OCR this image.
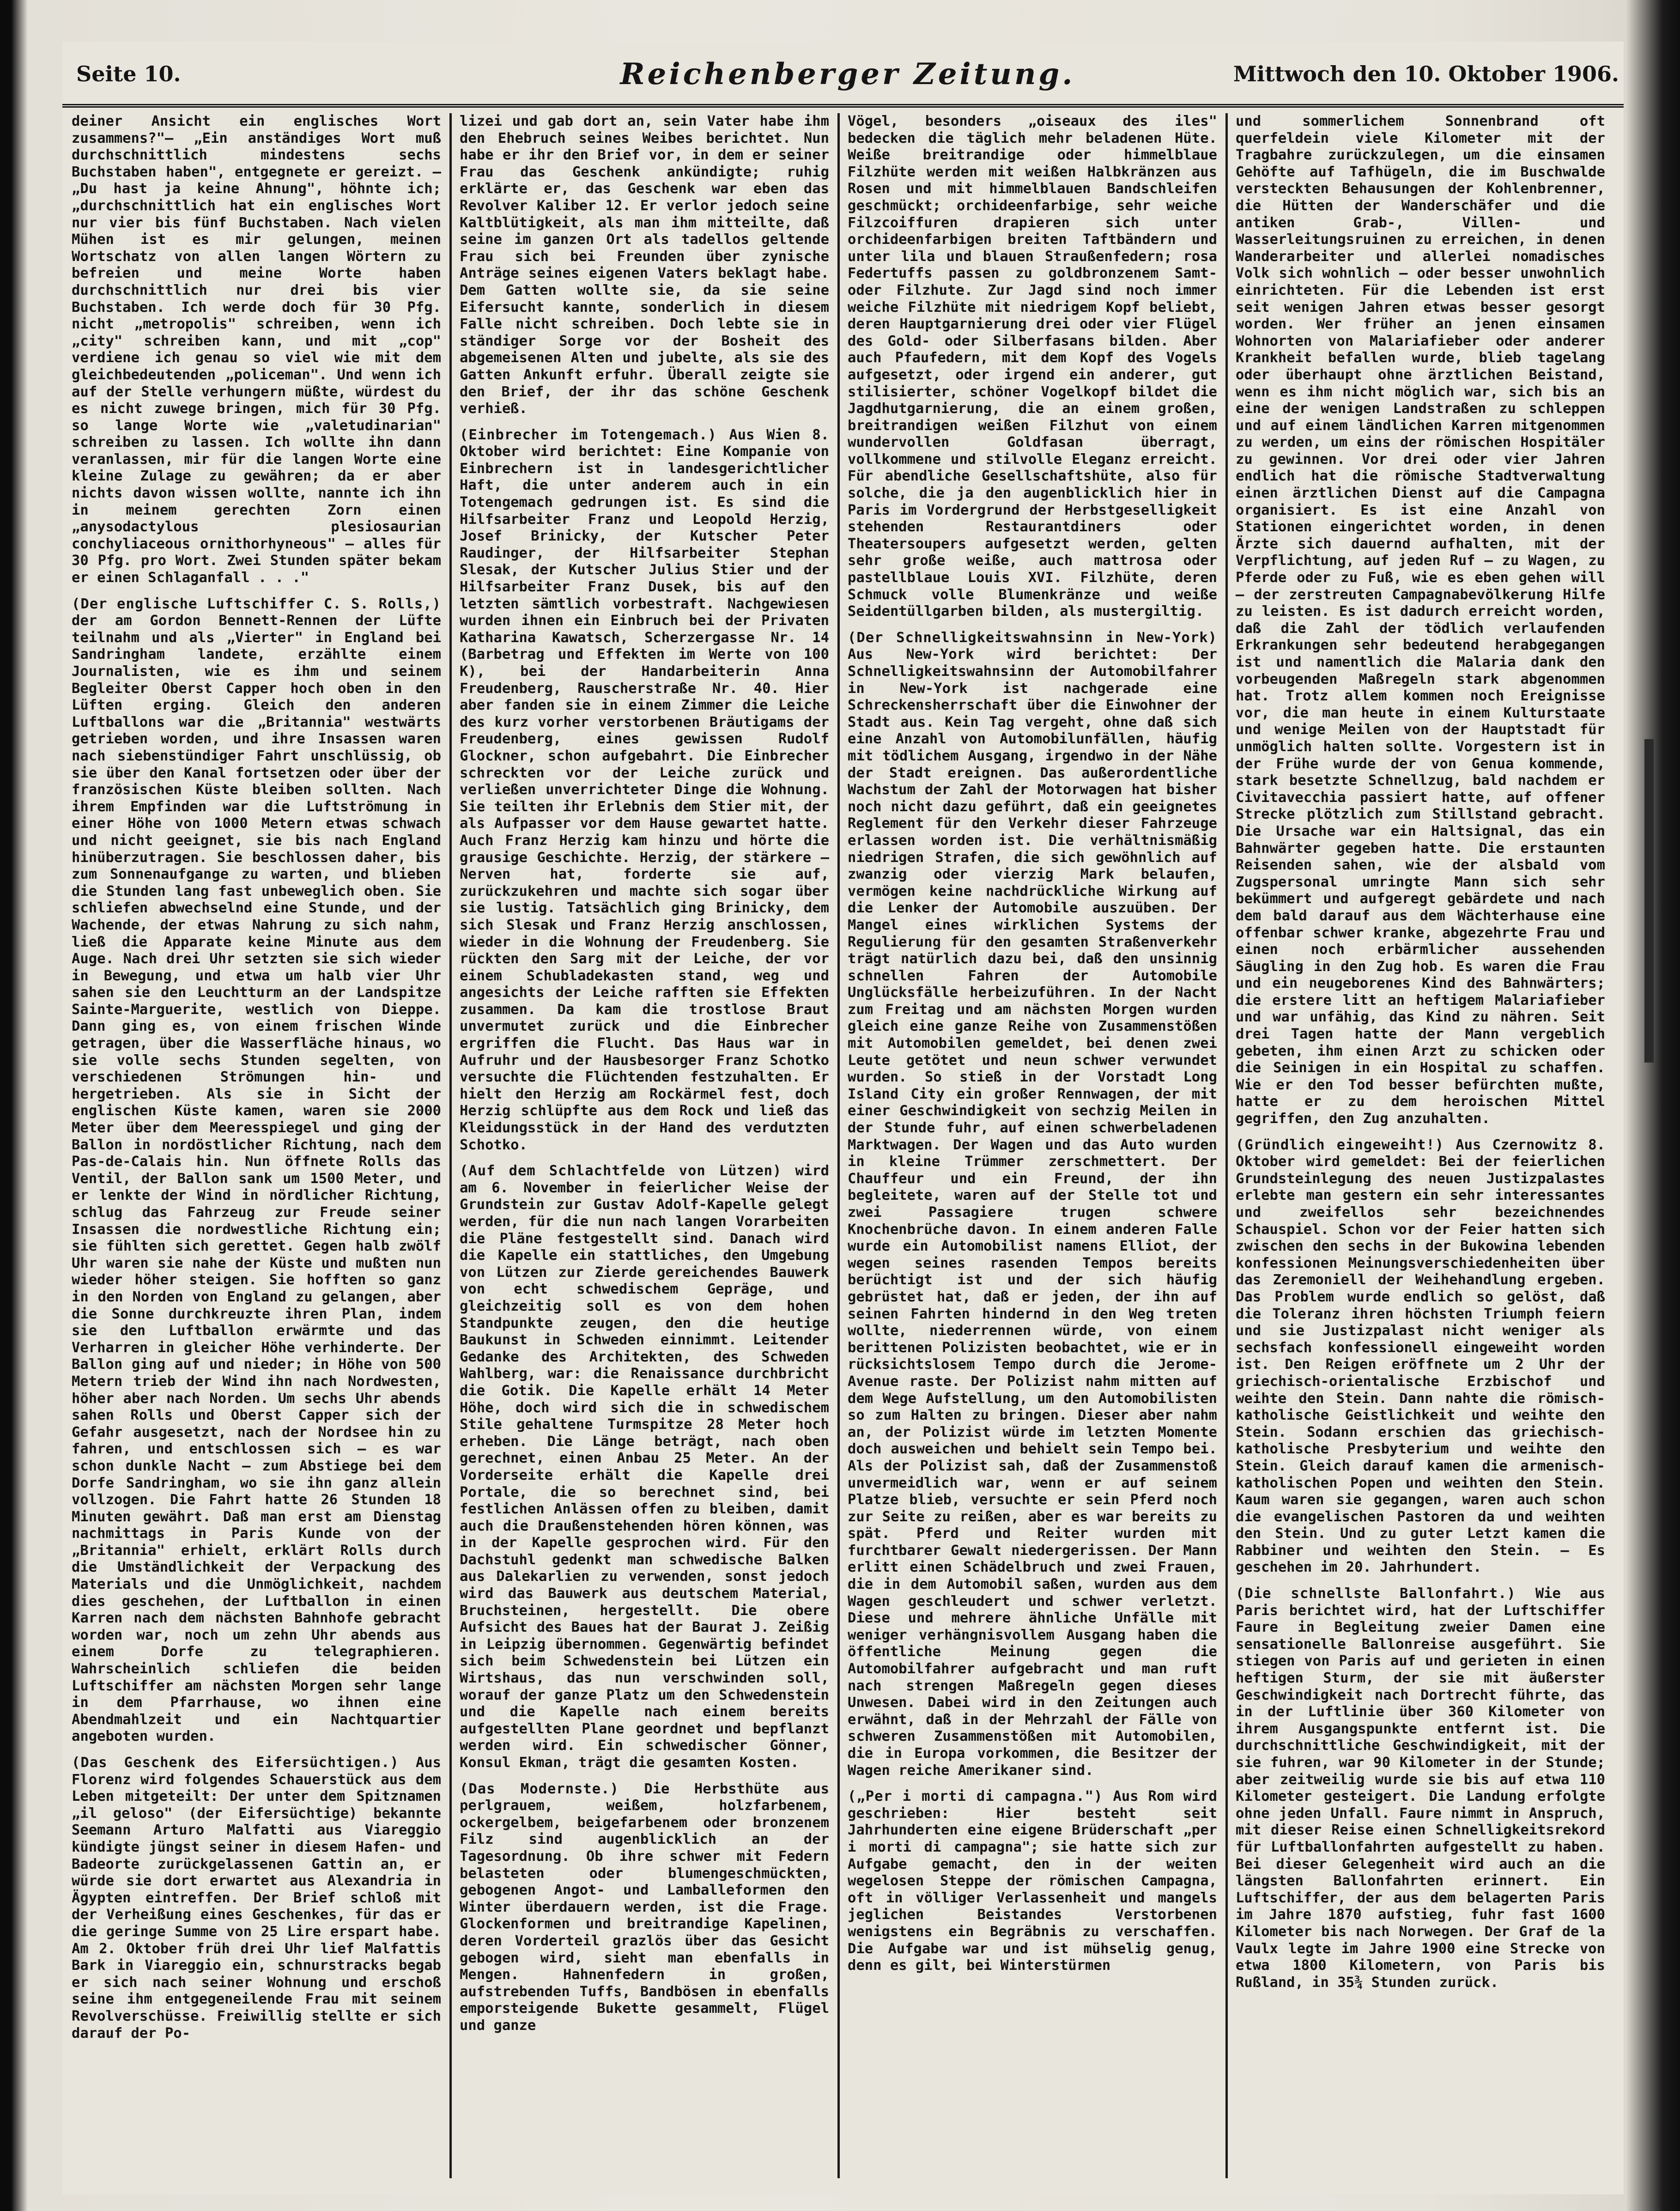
Seite 10.	Reichenberger Zeitung.	Mittwoch den 10. Oktober 1906.

deiner Ansicht ein englisches Wort zusammens?"— „Ein anständiges Wort muß durchschnittlich mindestens sechs Buchstaben haben", entgegnete er gereizt. — „Du hast ja keine Ahnung", höhnte ich; „durchschnittlich hat ein englisches Wort nur vier bis fünf Buchstaben. Nach vielen Mühen ist es mir gelungen, meinen Wortschatz von allen langen Wörtern zu befreien und meine Worte haben durchschnittlich nur drei bis vier Buchstaben. Ich werde doch für 30 Pfg. nicht „metropolis" schreiben, wenn ich „city" schreiben kann, und mit „cop" verdiene ich genau so viel wie mit dem gleichbedeutenden „policeman". Und wenn ich auf der Stelle verhungern müßte, würdest du es nicht zuwege bringen, mich für 30 Pfg. so lange Worte wie „valetudinarian" schreiben zu lassen. Ich wollte ihn dann veranlassen, mir für die langen Worte eine kleine Zulage zu gewähren; da er aber nichts davon wissen wollte, nannte ich ihn in meinem gerechten Zorn einen „anysodactylous plesiosaurian conchyliaceous ornithorhyneous" — alles für 30 Pfg. pro Wort. Zwei Stunden später bekam er einen Schlaganfall . . ."

(Der englische Luftschiffer C. S. Rolls,) der am Gordon Bennett-Rennen der Lüfte teilnahm und als „Vierter" in England bei Sandringham landete, erzählte einem Journalisten, wie es ihm und seinem Begleiter Oberst Capper hoch oben in den Lüften erging. Gleich den anderen Luftballons war die „Britannia" westwärts getrieben worden, und ihre Insassen waren nach siebenstündiger Fahrt unschlüssig, ob sie über den Kanal fortsetzen oder über der französischen Küste bleiben sollten. Nach ihrem Empfinden war die Luftströmung in einer Höhe von 1000 Metern etwas schwach und nicht geeignet, sie bis nach England hinüberzutragen. Sie beschlossen daher, bis zum Sonnenaufgange zu warten, und blieben die Stunden lang fast unbeweglich oben. Sie schliefen abwechselnd eine Stunde, und der Wachende, der etwas Nahrung zu sich nahm, ließ die Apparate keine Minute aus dem Auge. Nach drei Uhr setzten sie sich wieder in Bewegung, und etwa um halb vier Uhr sahen sie den Leuchtturm an der Landspitze Sainte-Marguerite, westlich von Dieppe. Dann ging es, von einem frischen Winde getragen, über die Wasserfläche hinaus, wo sie volle sechs Stunden segelten, von verschiedenen Strömungen hin- und hergetrieben. Als sie in Sicht der englischen Küste kamen, waren sie 2000 Meter über dem Meeresspiegel und ging der Ballon in nordöstlicher Richtung, nach dem Pas-de-Calais hin. Nun öffnete Rolls das Ventil, der Ballon sank um 1500 Meter, und er lenkte der Wind in nördlicher Richtung, schlug das Fahrzeug zur Freude seiner Insassen die nordwestliche Richtung ein; sie fühlten sich gerettet. Gegen halb zwölf Uhr waren sie nahe der Küste und mußten nun wieder höher steigen. Sie hofften so ganz in den Norden von England zu gelangen, aber die Sonne durchkreuzte ihren Plan, indem sie den Luftballon erwärmte und das Verharren in gleicher Höhe verhinderte. Der Ballon ging auf und nieder; in Höhe von 500 Metern trieb der Wind ihn nach Nordwesten, höher aber nach Norden. Um sechs Uhr abends sahen Rolls und Oberst Capper sich der Gefahr ausgesetzt, nach der Nordsee hin zu fahren, und entschlossen sich — es war schon dunkle Nacht — zum Abstiege bei dem Dorfe Sandringham, wo sie ihn ganz allein vollzogen. Die Fahrt hatte 26 Stunden 18 Minuten gewährt. Daß man erst am Dienstag nachmittags in Paris Kunde von der „Britannia" erhielt, erklärt Rolls durch die Umständlichkeit der Verpackung des Materials und die Unmöglichkeit, nachdem dies geschehen, der Luftballon in einen Karren nach dem nächsten Bahnhofe gebracht worden war, noch um zehn Uhr abends aus einem Dorfe zu telegraphieren. Wahrscheinlich schliefen die beiden Luftschiffer am nächsten Morgen sehr lange in dem Pfarrhause, wo ihnen eine Abendmahlzeit und ein Nachtquartier angeboten wurden.

(Das Geschenk des Eifersüchtigen.) Aus Florenz wird folgendes Schauerstück aus dem Leben mitgeteilt: Der unter dem Spitznamen „il geloso" (der Eifersüchtige) bekannte Seemann Arturo Malfatti aus Viareggio kündigte jüngst seiner in diesem Hafen- und Badeorte zurückgelassenen Gattin an, er würde sie dort erwartet aus Alexandria in Ägypten eintreffen. Der Brief schloß mit der Verheißung eines Geschenkes, für das er die geringe Summe von 25 Lire erspart habe. Am 2. Oktober früh drei Uhr lief Malfattis Bark in Viareggio ein, schnurstracks begab er sich nach seiner Wohnung und erschoß seine ihm entgegeneilende Frau mit seinem Revolverschüsse. Freiwillig stellte er sich darauf der Po-

lizei und gab dort an, sein Vater habe ihm den Ehebruch seines Weibes berichtet. Nun habe er ihr den Brief vor, in dem er seiner Frau das Geschenk ankündigte; ruhig erklärte er, das Geschenk war eben das Revolver Kaliber 12. Er verlor jedoch seine Kaltblütigkeit, als man ihm mitteilte, daß seine im ganzen Ort als tadellos geltende Frau sich bei Freunden über zynische Anträge seines eigenen Vaters beklagt habe. Dem Gatten wollte sie, da sie seine Eifersucht kannte, sonderlich in diesem Falle nicht schreiben. Doch lebte sie in ständiger Sorge vor der Bosheit des abgemeisenen Alten und jubelte, als sie des Gatten Ankunft erfuhr. Überall zeigte sie den Brief, der ihr das schöne Geschenk verhieß.

(Einbrecher im Totengemach.) Aus Wien 8. Oktober wird berichtet: Eine Kompanie von Einbrechern ist in landesgerichtlicher Haft, die unter anderem auch in ein Totengemach gedrungen ist. Es sind die Hilfsarbeiter Franz und Leopold Herzig, Josef Brinicky, der Kutscher Peter Raudinger, der Hilfsarbeiter Stephan Slesak, der Kutscher Julius Stier und der Hilfsarbeiter Franz Dusek, bis auf den letzten sämtlich vorbestraft. Nachgewiesen wurden ihnen ein Einbruch bei der Privaten Katharina Kawatsch, Scherzergasse Nr. 14 (Barbetrag und Effekten im Werte von 100 K), bei der Handarbeiterin Anna Freudenberg, Rauscherstraße Nr. 40. Hier aber fanden sie in einem Zimmer die Leiche des kurz vorher verstorbenen Bräutigams der Freudenberg, eines gewissen Rudolf Glockner, schon aufgebahrt. Die Einbrecher schreckten vor der Leiche zurück und verließen unverrichteter Dinge die Wohnung. Sie teilten ihr Erlebnis dem Stier mit, der als Aufpasser vor dem Hause gewartet hatte. Auch Franz Herzig kam hinzu und hörte die grausige Geschichte. Herzig, der stärkere — Nerven hat, forderte sie auf, zurückzukehren und machte sich sogar über sie lustig. Tatsächlich ging Brinicky, dem sich Slesak und Franz Herzig anschlossen, wieder in die Wohnung der Freudenberg. Sie rückten den Sarg mit der Leiche, der vor einem Schubladekasten stand, weg und angesichts der Leiche rafften sie Effekten zusammen. Da kam die trostlose Braut unvermutet zurück und die Einbrecher ergriffen die Flucht. Das Haus war in Aufruhr und der Hausbesorger Franz Schotko versuchte die Flüchtenden festzuhalten. Er hielt den Herzig am Rockärmel fest, doch Herzig schlüpfte aus dem Rock und ließ das Kleidungsstück in der Hand des verdutzten Schotko.

(Auf dem Schlachtfelde von Lützen) wird am 6. November in feierlicher Weise der Grundstein zur Gustav Adolf-Kapelle gelegt werden, für die nun nach langen Vorarbeiten die Pläne festgestellt sind. Danach wird die Kapelle ein stattliches, den Umgebung von Lützen zur Zierde gereichendes Bauwerk von echt schwedischem Gepräge, und gleichzeitig soll es von dem hohen Standpunkte zeugen, den die heutige Baukunst in Schweden einnimmt. Leitender Gedanke des Architekten, des Schweden Wahlberg, war: die Renaissance durchbricht die Gotik. Die Kapelle erhält 14 Meter Höhe, doch wird sich die in schwedischem Stile gehaltene Turmspitze 28 Meter hoch erheben. Die Länge beträgt, nach oben gerechnet, einen Anbau 25 Meter. An der Vorderseite erhält die Kapelle drei Portale, die so berechnet sind, bei festlichen Anlässen offen zu bleiben, damit auch die Draußenstehenden hören können, was in der Kapelle gesprochen wird. Für den Dachstuhl gedenkt man schwedische Balken aus Dalekarlien zu verwenden, sonst jedoch wird das Bauwerk aus deutschem Material, Bruchsteinen, hergestellt. Die obere Aufsicht des Baues hat der Baurat J. Zeißig in Leipzig übernommen. Gegenwärtig befindet sich beim Schwedenstein bei Lützen ein Wirtshaus, das nun verschwinden soll, worauf der ganze Platz um den Schwedenstein und die Kapelle nach einem bereits aufgestellten Plane geordnet und bepflanzt werden wird. Ein schwedischer Gönner, Konsul Ekman, trägt die gesamten Kosten.

(Das Modernste.) Die Herbsthüte aus perlgrauem, weißem, holzfarbenem, ockergelbem, beigefarbenem oder bronzenem Filz sind augenblicklich an der Tagesordnung. Ob ihre schwer mit Federn belasteten oder blumengeschmückten, gebogenen Angot- und Lamballeformen den Winter überdauern werden, ist die Frage. Glockenformen und breitrandige Kapelinen, deren Vorderteil grazlös über das Gesicht gebogen wird, sieht man ebenfalls in Mengen. Hahnenfedern in großen, aufstrebenden Tuffs, Bandbösen in ebenfalls emporsteigende Bukette gesammelt, Flügel und ganze

Vögel, besonders „oiseaux des iles" bedecken die täglich mehr beladenen Hüte. Weiße breitrandige oder himmelblaue Filzhüte werden mit weißen Halbkränzen aus Rosen und mit himmelblauen Bandschleifen geschmückt; orchideenfarbige, sehr weiche Filzcoiffuren drapieren sich unter orchideenfarbigen breiten Taftbändern und unter lila und blauen Straußenfedern; rosa Federtuffs passen zu goldbronzenem Samt- oder Filzhute. Zur Jagd sind noch immer weiche Filzhüte mit niedrigem Kopf beliebt, deren Hauptgarnierung drei oder vier Flügel des Gold- oder Silberfasans bilden. Aber auch Pfaufedern, mit dem Kopf des Vogels aufgesetzt, oder irgend ein anderer, gut stilisierter, schöner Vogelkopf bildet die Jagdhutgarnierung, die an einem großen, breitrandigen weißen Filzhut von einem wundervollen Goldfasan überragt, vollkommene und stilvolle Eleganz erreicht. Für abendliche Gesellschaftshüte, also für solche, die ja den augenblicklich hier in Paris im Vordergrund der Herbstgeselligkeit stehenden Restaurantdiners oder Theatersoupers aufgesetzt werden, gelten sehr große weiße, auch mattrosa oder pastellblaue Louis XVI. Filzhüte, deren Schmuck volle Blumenkränze und weiße Seidentüllgarben bilden, als mustergiltig.

(Der Schnelligkeitswahnsinn in New-York) Aus New-York wird berichtet: Der Schnelligkeitswahnsinn der Automobilfahrer in New-York ist nachgerade eine Schreckensherrschaft über die Einwohner der Stadt aus. Kein Tag vergeht, ohne daß sich eine Anzahl von Automobilunfällen, häufig mit tödlichem Ausgang, irgendwo in der Nähe der Stadt ereignen. Das außerordentliche Wachstum der Zahl der Motorwagen hat bisher noch nicht dazu geführt, daß ein geeignetes Reglement für den Verkehr dieser Fahrzeuge erlassen worden ist. Die verhältnismäßig niedrigen Strafen, die sich gewöhnlich auf zwanzig oder vierzig Mark belaufen, vermögen keine nachdrückliche Wirkung auf die Lenker der Automobile auszuüben. Der Mangel eines wirklichen Systems der Regulierung für den gesamten Straßenverkehr trägt natürlich dazu bei, daß den unsinnig schnellen Fahren der Automobile Unglücksfälle herbeizuführen. In der Nacht zum Freitag und am nächsten Morgen wurden gleich eine ganze Reihe von Zusammenstößen mit Automobilen gemeldet, bei denen zwei Leute getötet und neun schwer verwundet wurden. So stieß in der Vorstadt Long Island City ein großer Rennwagen, der mit einer Geschwindigkeit von sechzig Meilen in der Stunde fuhr, auf einen schwerbeladenen Marktwagen. Der Wagen und das Auto wurden in kleine Trümmer zerschmettert. Der Chauffeur und ein Freund, der ihn begleitete, waren auf der Stelle tot und zwei Passagiere trugen schwere Knochenbrüche davon. In einem anderen Falle wurde ein Automobilist namens Elliot, der wegen seines rasenden Tempos bereits berüchtigt ist und der sich häufig gebrüstet hat, daß er jeden, der ihn auf seinen Fahrten hindernd in den Weg treten wollte, niederrennen würde, von einem berittenen Polizisten beobachtet, wie er in rücksichtslosem Tempo durch die Jerome-Avenue raste. Der Polizist nahm mitten auf dem Wege Aufstellung, um den Automobilisten so zum Halten zu bringen. Dieser aber nahm an, der Polizist würde im letzten Momente doch ausweichen und behielt sein Tempo bei. Als der Polizist sah, daß der Zusammenstoß unvermeidlich war, wenn er auf seinem Platze blieb, versuchte er sein Pferd noch zur Seite zu reißen, aber es war bereits zu spät. Pferd und Reiter wurden mit furchtbarer Gewalt niedergerissen. Der Mann erlitt einen Schädelbruch und zwei Frauen, die in dem Automobil saßen, wurden aus dem Wagen geschleudert und schwer verletzt. Diese und mehrere ähnliche Unfälle mit weniger verhängnisvollem Ausgang haben die öffentliche Meinung gegen die Automobilfahrer aufgebracht und man ruft nach strengen Maßregeln gegen dieses Unwesen. Dabei wird in den Zeitungen auch erwähnt, daß in der Mehrzahl der Fälle von schweren Zusammenstößen mit Automobilen, die in Europa vorkommen, die Besitzer der Wagen reiche Amerikaner sind.

(„Per i morti di campagna.") Aus Rom wird geschrieben: Hier besteht seit Jahrhunderten eine eigene Brüderschaft „per i morti di campagna"; sie hatte sich zur Aufgabe gemacht, den in der weiten wegelosen Steppe der römischen Campagna, oft in völliger Verlassenheit und mangels jeglichen Beistandes Verstorbenen wenigstens ein Begräbnis zu verschaffen. Die Aufgabe war und ist mühselig genug, denn es gilt, bei Winterstürmen

und sommerlichem Sonnenbrand oft querfeldein viele Kilometer mit der Tragbahre zurückzulegen, um die einsamen Gehöfte auf Tafhügeln, die im Buschwalde versteckten Behausungen der Kohlenbrenner, die Hütten der Wanderschäfer und die antiken Grab-, Villen- und Wasserleitungsruinen zu erreichen, in denen Wanderarbeiter und allerlei nomadisches Volk sich wohnlich — oder besser unwohnlich einrichteten. Für die Lebenden ist erst seit wenigen Jahren etwas besser gesorgt worden. Wer früher an jenen einsamen Wohnorten von Malariafieber oder anderer Krankheit befallen wurde, blieb tagelang oder überhaupt ohne ärztlichen Beistand, wenn es ihm nicht möglich war, sich bis an eine der wenigen Landstraßen zu schleppen und auf einem ländlichen Karren mitgenommen zu werden, um eins der römischen Hospitäler zu gewinnen. Vor drei oder vier Jahren endlich hat die römische Stadtverwaltung einen ärztlichen Dienst auf die Campagna organisiert. Es ist eine Anzahl von Stationen eingerichtet worden, in denen Ärzte sich dauernd aufhalten, mit der Verpflichtung, auf jeden Ruf — zu Wagen, zu Pferde oder zu Fuß, wie es eben gehen will — der zerstreuten Campagnabevölkerung Hilfe zu leisten. Es ist dadurch erreicht worden, daß die Zahl der tödlich verlaufenden Erkrankungen sehr bedeutend herabgegangen ist und namentlich die Malaria dank den vorbeugenden Maßregeln stark abgenommen hat. Trotz allem kommen noch Ereignisse vor, die man heute in einem Kulturstaate und wenige Meilen von der Hauptstadt für unmöglich halten sollte. Vorgestern ist in der Frühe wurde der von Genua kommende, stark besetzte Schnellzug, bald nachdem er Civitavecchia passiert hatte, auf offener Strecke plötzlich zum Stillstand gebracht. Die Ursache war ein Haltsignal, das ein Bahnwärter gegeben hatte. Die erstaunten Reisenden sahen, wie der alsbald vom Zugspersonal umringte Mann sich sehr bekümmert und aufgeregt gebärdete und nach dem bald darauf aus dem Wächterhause eine offenbar schwer kranke, abgezehrte Frau und einen noch erbärmlicher aussehenden Säugling in den Zug hob. Es waren die Frau und ein neugeborenes Kind des Bahnwärters; die erstere litt an heftigem Malariafieber und war unfähig, das Kind zu nähren. Seit drei Tagen hatte der Mann vergeblich gebeten, ihm einen Arzt zu schicken oder die Seinigen in ein Hospital zu schaffen. Wie er den Tod besser befürchten mußte, hatte er zu dem heroischen Mittel gegriffen, den Zug anzuhalten.

(Gründlich eingeweiht!) Aus Czernowitz 8. Oktober wird gemeldet: Bei der feierlichen Grundsteinlegung des neuen Justizpalastes erlebte man gestern ein sehr interessantes und zweifellos sehr bezeichnendes Schauspiel. Schon vor der Feier hatten sich zwischen den sechs in der Bukowina lebenden konfessionen Meinungsverschiedenheiten über das Zeremoniell der Weihehandlung ergeben. Das Problem wurde endlich so gelöst, daß die Toleranz ihren höchsten Triumph feiern und sie Justizpalast nicht weniger als sechsfach konfessionell eingeweiht worden ist. Den Reigen eröffnete um 2 Uhr der griechisch-orientalische Erzbischof und weihte den Stein. Dann nahte die römisch-katholische Geistlichkeit und weihte den Stein. Sodann erschien das griechisch-katholische Presbyterium und weihte den Stein. Gleich darauf kamen die armenisch-katholischen Popen und weihten den Stein. Kaum waren sie gegangen, waren auch schon die evangelischen Pastoren da und weihten den Stein. Und zu guter Letzt kamen die Rabbiner und weihten den Stein. — Es geschehen im 20. Jahrhundert.

(Die schnellste Ballonfahrt.) Wie aus Paris berichtet wird, hat der Luftschiffer Faure in Begleitung zweier Damen eine sensationelle Ballonreise ausgeführt. Sie stiegen von Paris auf und gerieten in einen heftigen Sturm, der sie mit äußerster Geschwindigkeit nach Dortrecht führte, das in der Luftlinie über 360 Kilometer von ihrem Ausgangspunkte entfernt ist. Die durchschnittliche Geschwindigkeit, mit der sie fuhren, war 90 Kilometer in der Stunde; aber zeitweilig wurde sie bis auf etwa 110 Kilometer gesteigert. Die Landung erfolgte ohne jeden Unfall. Faure nimmt in Anspruch, mit dieser Reise einen Schnelligkeitsrekord für Luftballonfahrten aufgestellt zu haben. Bei dieser Gelegenheit wird auch an die längsten Ballonfahrten erinnert. Ein Luftschiffer, der aus dem belagerten Paris im Jahre 1870 aufstieg, fuhr fast 1600 Kilometer bis nach Norwegen. Der Graf de la Vaulx legte im Jahre 1900 eine Strecke von etwa 1800 Kilometern, von Paris bis Rußland, in 35¾ Stunden zurück.
